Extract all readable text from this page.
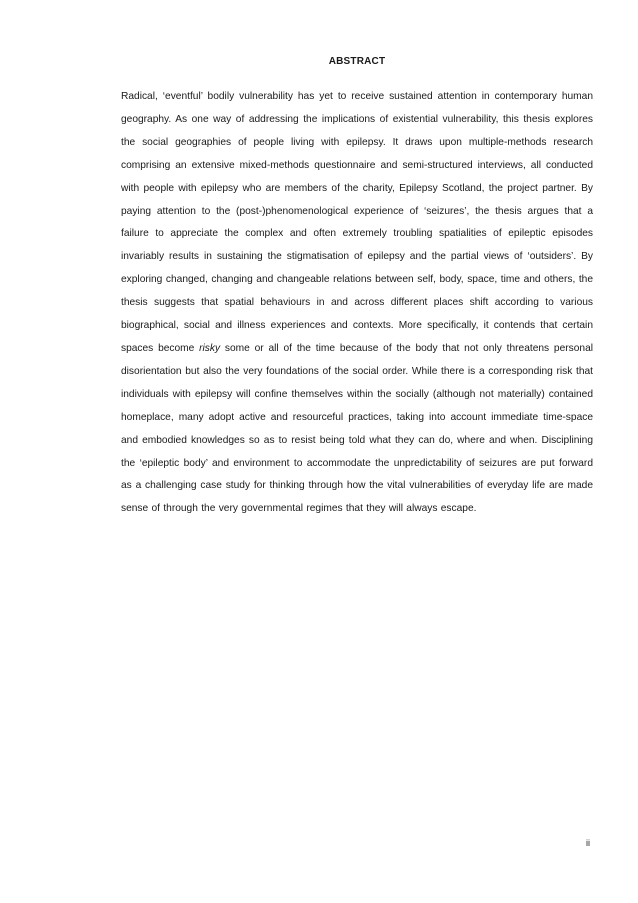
ABSTRACT

Radical, ‘eventful’ bodily vulnerability has yet to receive sustained attention in contemporary human geography. As one way of addressing the implications of existential vulnerability, this thesis explores the social geographies of people living with epilepsy. It draws upon multiple-methods research comprising an extensive mixed-methods questionnaire and semi-structured interviews, all conducted with people with epilepsy who are members of the charity, Epilepsy Scotland, the project partner. By paying attention to the (post-)phenomenological experience of ‘seizures’, the thesis argues that a failure to appreciate the complex and often extremely troubling spatialities of epileptic episodes invariably results in sustaining the stigmatisation of epilepsy and the partial views of ‘outsiders’. By exploring changed, changing and changeable relations between self, body, space, time and others, the thesis suggests that spatial behaviours in and across different places shift according to various biographical, social and illness experiences and contexts. More specifically, it contends that certain spaces become risky some or all of the time because of the body that not only threatens personal disorientation but also the very foundations of the social order. While there is a corresponding risk that individuals with epilepsy will confine themselves within the socially (although not materially) contained homeplace, many adopt active and resourceful practices, taking into account immediate time-space and embodied knowledges so as to resist being told what they can do, where and when. Disciplining the ‘epileptic body’ and environment to accommodate the unpredictability of seizures are put forward as a challenging case study for thinking through how the vital vulnerabilities of everyday life are made sense of through the very governmental regimes that they will always escape.

ii
